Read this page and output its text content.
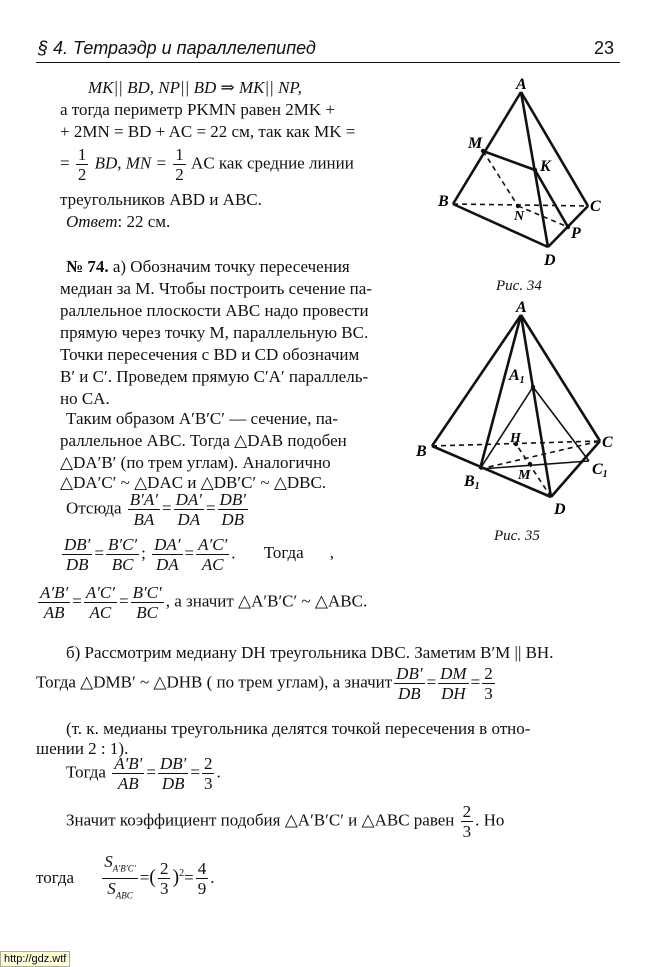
§ 4. Тетраэдр и параллелепипед	23
MK|| BD, NP|| BD ⇒ MK|| NP,
а тогда периметр PKMN равен 2MK +
+ 2MN = BD + AC = 22 см, так как MK =
= $\frac{1}{2}$ BD, MN = $\frac{1}{2}$ AC как средние линии
треугольников ABD и ABC.
Ответ: 22 см.
№ 74. а) Обозначим точку пересечения
медиан за M. Чтобы построить сечение па-
раллельное плоскости ABC надо провести
прямую через точку M, параллельную BC.
Точки пересечения с BD и CD обозначим
B′ и C′. Проведем прямую C′A′ параллель-
но CA.
Таким образом A′B′C′ — сечение, па-
раллельное ABC. Тогда △DAB подобен
△DA′B′ (по трем углам). Аналогично
△DA′C′ ~ △DAC и △DB′C′ ~ △DBC.
Отсюда $\frac{B'A'}{BA} = \frac{DA'}{DA} = \frac{DB'}{DB}$
$\frac{DB'}{DB} = \frac{B'C'}{BC}$ ; $\frac{DA'}{DA} = \frac{A'C'}{AC}$ . Тогда ,
$\frac{A'B'}{AB} = \frac{A'C'}{AC} = \frac{B'C'}{BC}$ , а значит △A′B′C′ ~ △ABC.
б) Рассмотрим медиану DH треугольника DBC. Заметим B′M || BH.
Тогда △DMB′ ~ △DHB ( по трем углам), а значит $\frac{DB'}{DB} = \frac{DM}{DH} = \frac{2}{3}$
(т. к. медианы треугольника делятся точкой пересечения в отно-
шении 2 : 1).
Тогда $\frac{A'B'}{AB} = \frac{DB'}{DB} = \frac{2}{3}$ .
Значит коэффициент подобия △A′B′C′ и △ABC равен $\frac{2}{3}$ . Но
тогда $\frac{S_{A'B'C'}}{S_{ABC}}$ =( $\frac{2}{3} )^2= \frac{4}{9}$ .
A
M
K
B
N
C
P
D
Рис. 34
A
A1
H
B
C
C1
B1
M
D
Рис. 35
http://gdz.wtf
